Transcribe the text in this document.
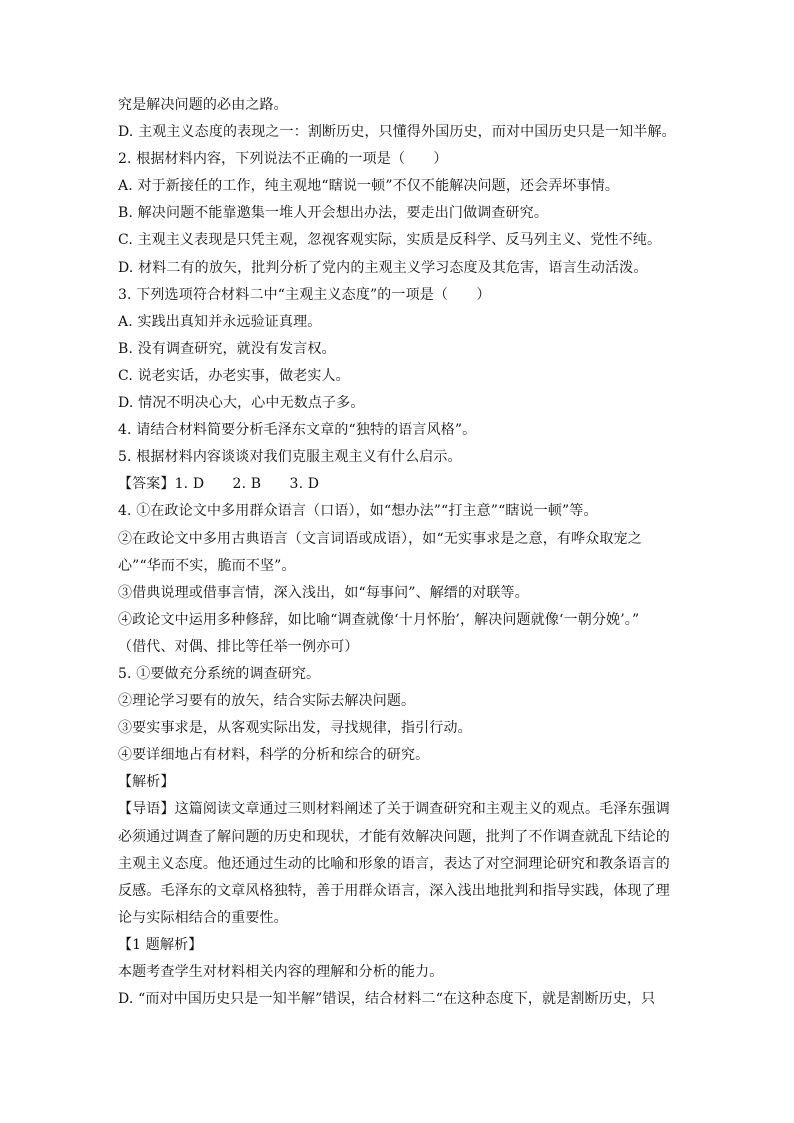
究是解决问题的必由之路。
D. 主观主义态度的表现之一：割断历史，只懂得外国历史，而对中国历史只是一知半解。
2. 根据材料内容，下列说法不正确的一项是（　　）
A. 对于新接任的工作，纯主观地“瞎说一顿”不仅不能解决问题，还会弄坏事情。
B. 解决问题不能靠邀集一堆人开会想出办法，要走出门做调查研究。
C. 主观主义表现是只凭主观，忽视客观实际，实质是反科学、反马列主义、党性不纯。
D. 材料二有的放矢，批判分析了党内的主观主义学习态度及其危害，语言生动活泼。
3. 下列选项符合材料二中“主观主义态度”的一项是（　　）
A. 实践出真知并永远验证真理。
B. 没有调查研究，就没有发言权。
C. 说老实话，办老实事，做老实人。
D. 情况不明决心大，心中无数点子多。
4. 请结合材料简要分析毛泽东文章的“独特的语言风格”。
5. 根据材料内容谈谈对我们克服主观主义有什么启示。
【答案】1. D　　2. B　　3. D
4. ①在政论文中多用群众语言（口语），如“想办法”“打主意”“瞎说一顿”等。
②在政论文中多用古典语言（文言词语或成语），如“无实事求是之意，有哗众取宠之
心”“华而不实，脆而不坚”。
③借典说理或借事言情，深入浅出，如“每事问”、解缙的对联等。
④政论文中运用多种修辞，如比喻“调查就像‘十月怀胎’，解决问题就像‘一朝分娩’。”
（借代、对偶、排比等任举一例亦可）
5. ①要做充分系统的调查研究。
②理论学习要有的放矢，结合实际去解决问题。
③要实事求是，从客观实际出发，寻找规律，指引行动。
④要详细地占有材料，科学的分析和综合的研究。
【解析】
【导语】这篇阅读文章通过三则材料阐述了关于调查研究和主观主义的观点。毛泽东强调
必须通过调查了解问题的历史和现状，才能有效解决问题，批判了不作调查就乱下结论的
主观主义态度。他还通过生动的比喻和形象的语言，表达了对空洞理论研究和教条语言的
反感。毛泽东的文章风格独特，善于用群众语言，深入浅出地批判和指导实践，体现了理
论与实际相结合的重要性。
【1 题解析】
本题考查学生对材料相关内容的理解和分析的能力。
D. “而对中国历史只是一知半解”错误，结合材料二“在这种态度下，就是割断历史，只
